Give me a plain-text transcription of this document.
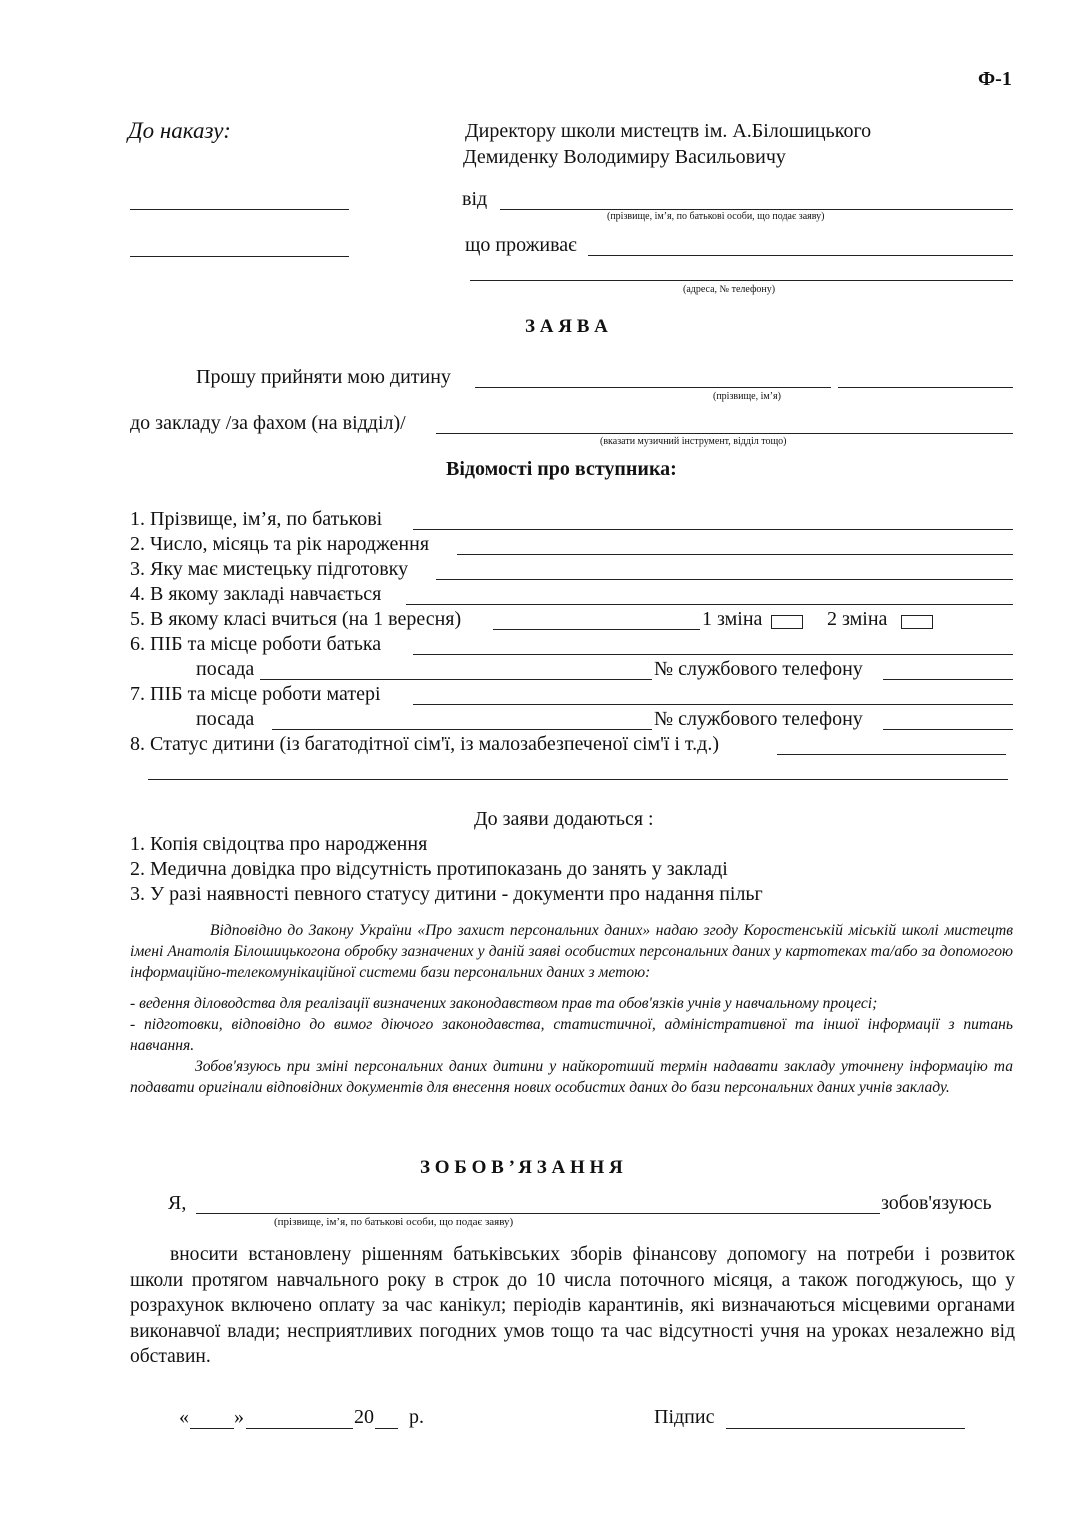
Ф-1
До наказу:	Директору школи мистецтв ім. А.Білошицького
Демиденку Володимиру Васильовичу
від
(прізвище, ім’я, по батькові особи, що подає заяву)
що проживає
(адреса, № телефону)
З А Я В А
Прошу прийняти мою дитину
(прізвище, ім’я)
до закладу /за фахом (на відділ)/
(вказати музичний інструмент, відділ тощо)
Відомості про вступника:
1. Прізвище, ім’я, по батькові
2. Число, місяць та рік народження
3. Яку має мистецьку підготовку
4. В якому закладі навчається
5. В якому класі вчиться (на 1 вересня)	1 зміна	2 зміна
6. ПІБ та місце роботи батька
посада	№ службового телефону
7. ПІБ та місце роботи матері
посада	№ службового телефону
8. Статус дитини (із багатодітної сім'ї, із малозабезпеченої сім'ї і т.д.)
До заяви додаються :
1. Копія свідоцтва про народження
2. Медична довідка про відсутність протипоказань до занять у закладі
3. У разі наявності певного статусу дитини - документи про надання пільг

Відповідно до Закону України «Про захист персональних даних» надаю згоду Коростенській міській школі мистецтв імені Анатолія Білошицькогона обробку зазначених у даній заяві особистих персональних даних у картотеках та/або за допомогою інформаційно-телекомунікаційної системи бази персональних даних з метою:

- ведення діловодства для реалізації визначених законодавством прав та обов'язків учнів у навчальному процесі;

- підготовки, відповідно до вимог діючого законодавства, статистичної, адміністративної та іншої інформації з питань навчання.

Зобов'язуюсь при зміні персональних даних дитини у найкоротший термін надавати закладу уточнену інформацію та подавати оригінали відповідних документів для внесення нових особистих даних до бази персональних даних учнів закладу.

З О Б О В ’ Я З А Н Н Я
Я,	зобов'язуюсь
(прізвище, ім’я, по батькові особи, що подає заяву)

вносити встановлену рішенням батьківських зборів фінансову допомогу на потреби і розвиток школи протягом навчального року в строк до 10 числа поточного місяця, а також погоджуюсь, що у розрахунок включено оплату за час канікул; періодів карантинів, які визначаються місцевими органами виконавчої влади; несприятливих погодних умов тощо та час відсутності учня на уроках незалежно від обставин.

« »	20 р.	Підпис
